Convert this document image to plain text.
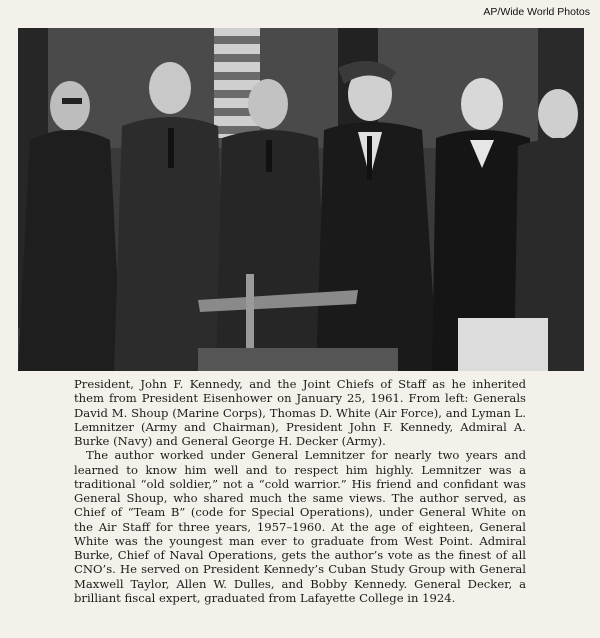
AP/Wide World Photos

President, John F. Kennedy, and the Joint Chiefs of Staff as he inherited them from President Eisenhower on January 25, 1961. From left: Generals David M. Shoup (Marine Corps), Thomas D. White (Air Force), and Lyman L. Lemnitzer (Army and Chairman), President John F. Kennedy, Admiral A. Burke (Navy) and General George H. Decker (Army).

The author worked under General Lemnitzer for nearly two years and learned to know him well and to respect him highly. Lemnitzer was a traditional “old soldier,” not a “cold warrior.” His friend and confidant was General Shoup, who shared much the same views. The author served, as Chief of “Team B” (code for Special Operations), under General White on the Air Staff for three years, 1957–1960. At the age of eighteen, General White was the youngest man ever to graduate from West Point. Admiral Burke, Chief of Naval Operations, gets the author’s vote as the finest of all CNO’s. He served on President Kennedy’s Cuban Study Group with General Maxwell Taylor, Allen W. Dulles, and Bobby Kennedy. General Decker, a brilliant fiscal expert, graduated from Lafayette College in 1924.
